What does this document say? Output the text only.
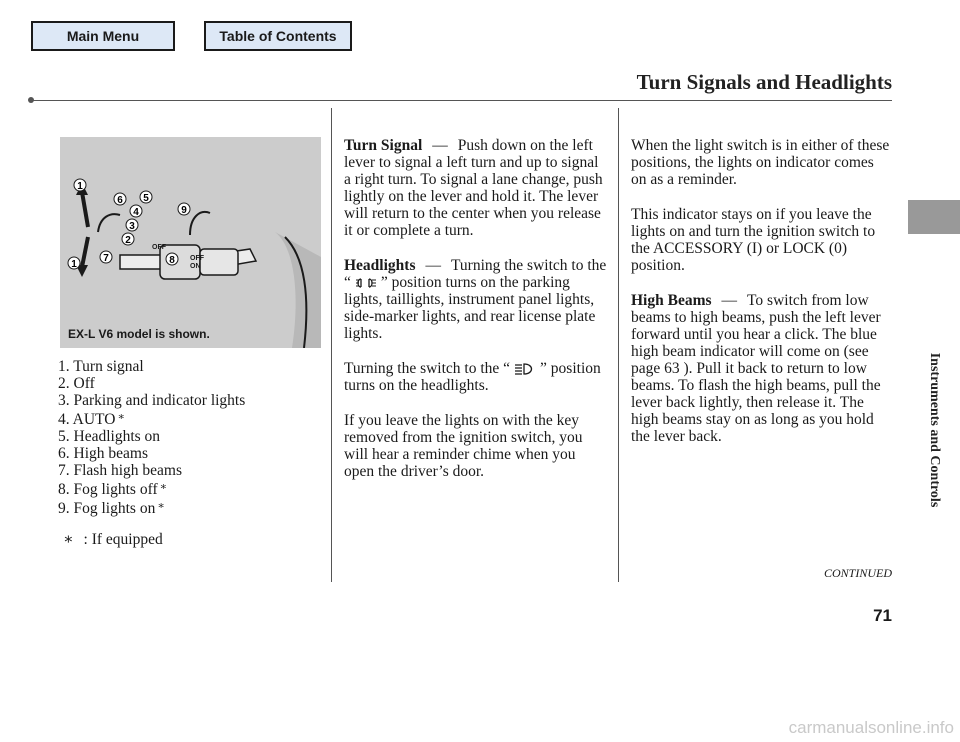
Main Menu	Table of Contents
Turn Signals and Headlights
Instruments and Controls
1
6 5
4
3
2
9
8
1
7
OFF
OFF
ON
EX-L V6 model is shown.
1. Turn signal
2. Off
3. Parking and indicator lights
4. AUTO ∗
5. Headlights on
6. High beams
7. Flash high beams
8. Fog lights off ∗
9. Fog lights on ∗
∗ : If equipped

Turn Signal — Push down on the left lever to signal a left turn and up to signal a right turn. To signal a lane change, push lightly on the lever and hold it. The lever will return to the center when you release it or complete a turn.

Headlights — Turning the switch to the “ ” position turns on the parking lights, taillights, instrument panel lights, side-marker lights, and rear license plate lights.

Turning the switch to the “ ” position turns on the headlights.

If you leave the lights on with the key removed from the ignition switch, you will hear a reminder chime when you open the driver’s door.

When the light switch is in either of these positions, the lights on indicator comes on as a reminder.

This indicator stays on if you leave the lights on and turn the ignition switch to the ACCESSORY (I) or LOCK (0) position.

High Beams — To switch from low beams to high beams, push the left lever forward until you hear a click. The blue high beam indicator will come on (see page 63 ). Pull it back to return to low beams. To flash the high beams, pull the lever back lightly, then release it. The high beams stay on as long as you hold the lever back.

CONTINUED
71
carmanualsonline.info
